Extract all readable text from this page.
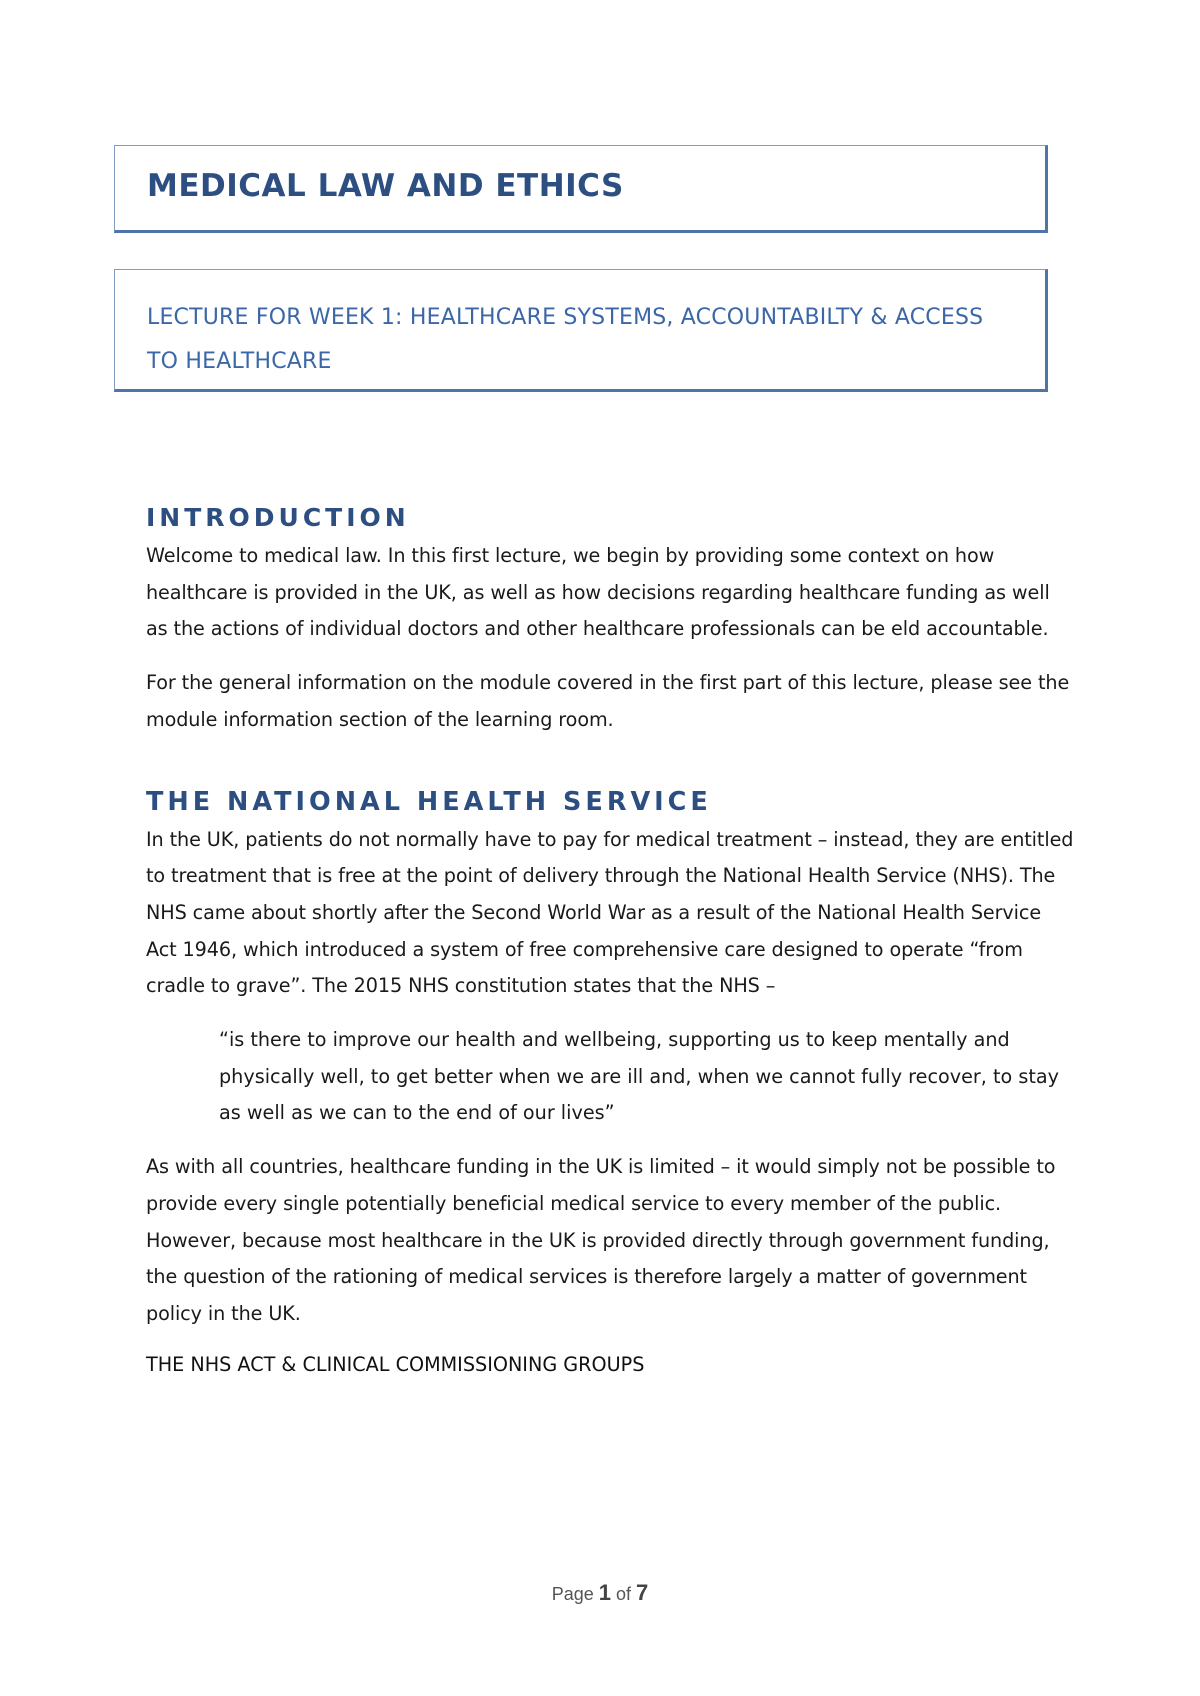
MEDICAL LAW AND ETHICS
LECTURE FOR WEEK 1: HEALTHCARE SYSTEMS, ACCOUNTABILTY & ACCESS TO HEALTHCARE
INTRODUCTION

Welcome to medical law. In this first lecture, we begin by providing some context on how healthcare is provided in the UK, as well as how decisions regarding healthcare funding as well as the actions of individual doctors and other healthcare professionals can be eld accountable.

For the general information on the module covered in the first part of this lecture, please see the module information section of the learning room.

THE NATIONAL HEALTH SERVICE

In the UK, patients do not normally have to pay for medical treatment – instead, they are entitled to treatment that is free at the point of delivery through the National Health Service (NHS). The NHS came about shortly after the Second World War as a result of the National Health Service Act 1946, which introduced a system of free comprehensive care designed to operate “from cradle to grave”. The 2015 NHS constitution states that the NHS –

“is there to improve our health and wellbeing, supporting us to keep mentally and physically well, to get better when we are ill and, when we cannot fully recover, to stay as well as we can to the end of our lives”

As with all countries, healthcare funding in the UK is limited – it would simply not be possible to provide every single potentially beneficial medical service to every member of the public. However, because most healthcare in the UK is provided directly through government funding, the question of the rationing of medical services is therefore largely a matter of government policy in the UK.

THE NHS ACT & CLINICAL COMMISSIONING GROUPS
Page 1 of 7
